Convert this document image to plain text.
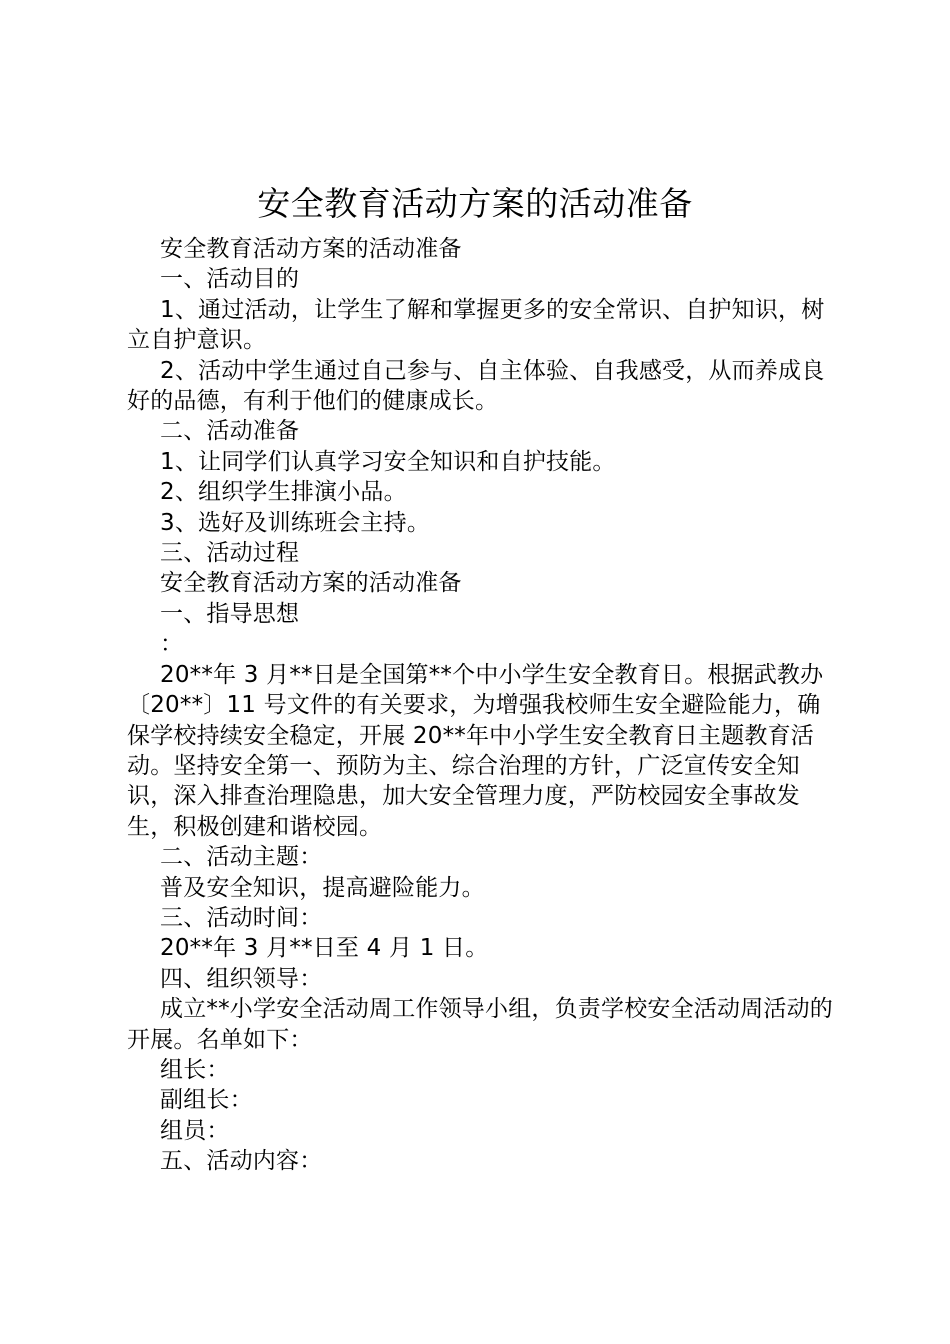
安全教育活动方案的活动准备

安全教育活动方案的活动准备

一、活动目的

1、通过活动，让学生了解和掌握更多的安全常识、自护知识，树立自护意识。

2、活动中学生通过自己参与、自主体验、自我感受，从而养成良好的品德，有利于他们的健康成长。

二、活动准备

1、让同学们认真学习安全知识和自护技能。

2、组织学生排演小品。

3、选好及训练班会主持。

三、活动过程

安全教育活动方案的活动准备

一、指导思想

：

20**年 3 月**日是全国第**个中小学生安全教育日。根据武教办〔20**〕11 号文件的有关要求，为增强我校师生安全避险能力，确保学校持续安全稳定，开展 20**年中小学生安全教育日主题教育活动。坚持安全第一、预防为主、综合治理的方针，广泛宣传安全知识，深入排查治理隐患，加大安全管理力度，严防校园安全事故发生，积极创建和谐校园。

二、活动主题：

普及安全知识，提高避险能力。

三、活动时间：

20**年 3 月**日至 4 月 1 日。

四、组织领导：

成立**小学安全活动周工作领导小组，负责学校安全活动周活动的开展。名单如下：

组长：

副组长：

组员：

五、活动内容：
